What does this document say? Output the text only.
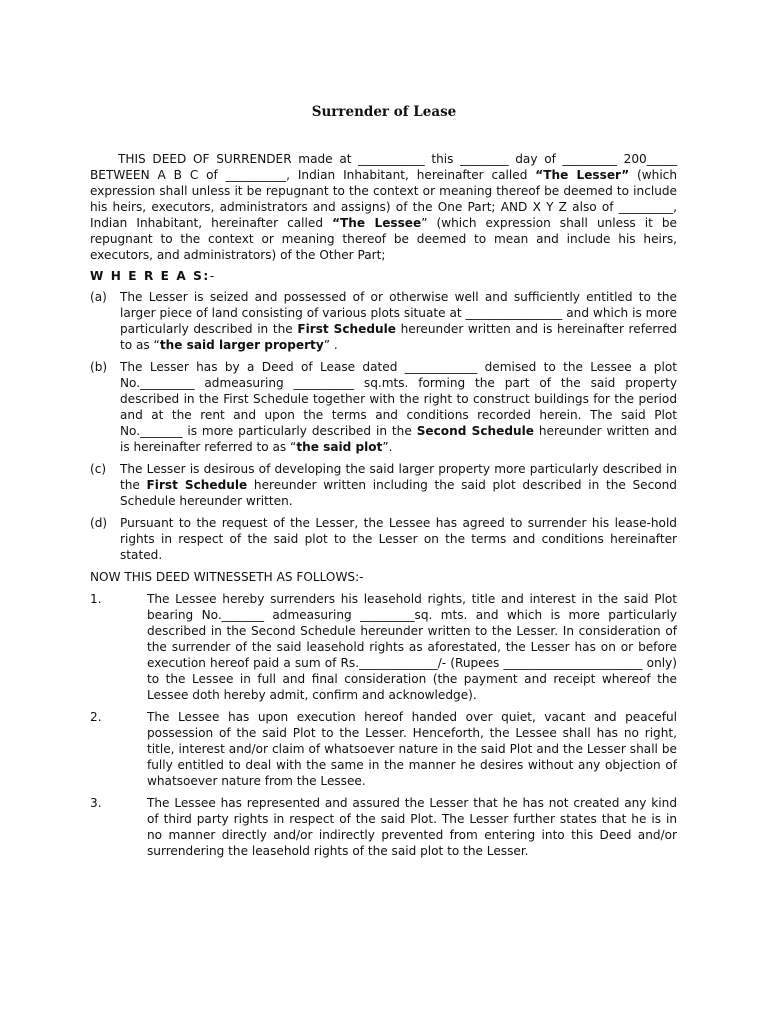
Surrender of Lease

THIS DEED OF SURRENDER made at ___________ this ________ day of _________ 200_____ BETWEEN A B C of __________, Indian Inhabitant, hereinafter called “The Lesser” (which expression shall unless it be repugnant to the context or meaning thereof be deemed to include his heirs, executors, administrators and assigns) of the One Part; AND X Y Z also of _________, Indian Inhabitant, hereinafter called “The Lessee” (which expression shall unless it be repugnant to the context or meaning thereof be deemed to mean and include his heirs, executors, and administrators) of the Other Part;

W H E R E A S:-
(a)	The Lesser is seized and possessed of or otherwise well and sufficiently entitled to the larger piece of land consisting of various plots situate at ________________ and which is more particularly described in the First Schedule hereunder written and is hereinafter referred to as “the said larger property” .
(b)	The Lesser has by a Deed of Lease dated ____________ demised to the Lessee a plot No._________ admeasuring __________ sq.mts. forming the part of the said property described in the First Schedule together with the right to construct buildings for the period and at the rent and upon the terms and conditions recorded herein. The said Plot No._______ is more particularly described in the Second Schedule hereunder written and is hereinafter referred to as “the said plot”.
(c)	The Lesser is desirous of developing the said larger property more particularly described in the First Schedule hereunder written including the said plot described in the Second Schedule hereunder written.
(d)	Pursuant to the request of the Lesser, the Lessee has agreed to surrender his lease-hold rights in respect of the said plot to the Lesser on the terms and conditions hereinafter stated.

NOW THIS DEED WITNESSETH AS FOLLOWS:-

1.	The Lessee hereby surrenders his leasehold rights, title and interest in the said Plot bearing No._______ admeasuring _________sq. mts. and which is more particularly described in the Second Schedule hereunder written to the Lesser. In consideration of the surrender of the said leasehold rights as aforestated, the Lesser has on or before execution hereof paid a sum of Rs._____________/- (Rupees _______________________ only) to the Lessee in full and final consideration (the payment and receipt whereof the Lessee doth hereby admit, confirm and acknowledge).
2.	The Lessee has upon execution hereof handed over quiet, vacant and peaceful possession of the said Plot to the Lesser. Henceforth, the Lessee shall has no right, title, interest and/or claim of whatsoever nature in the said Plot and the Lesser shall be fully entitled to deal with the same in the manner he desires without any objection of whatsoever nature from the Lessee.
3.	The Lessee has represented and assured the Lesser that he has not created any kind of third party rights in respect of the said Plot. The Lesser further states that he is in no manner directly and/or indirectly prevented from entering into this Deed and/or surrendering the leasehold rights of the said plot to the Lesser.
